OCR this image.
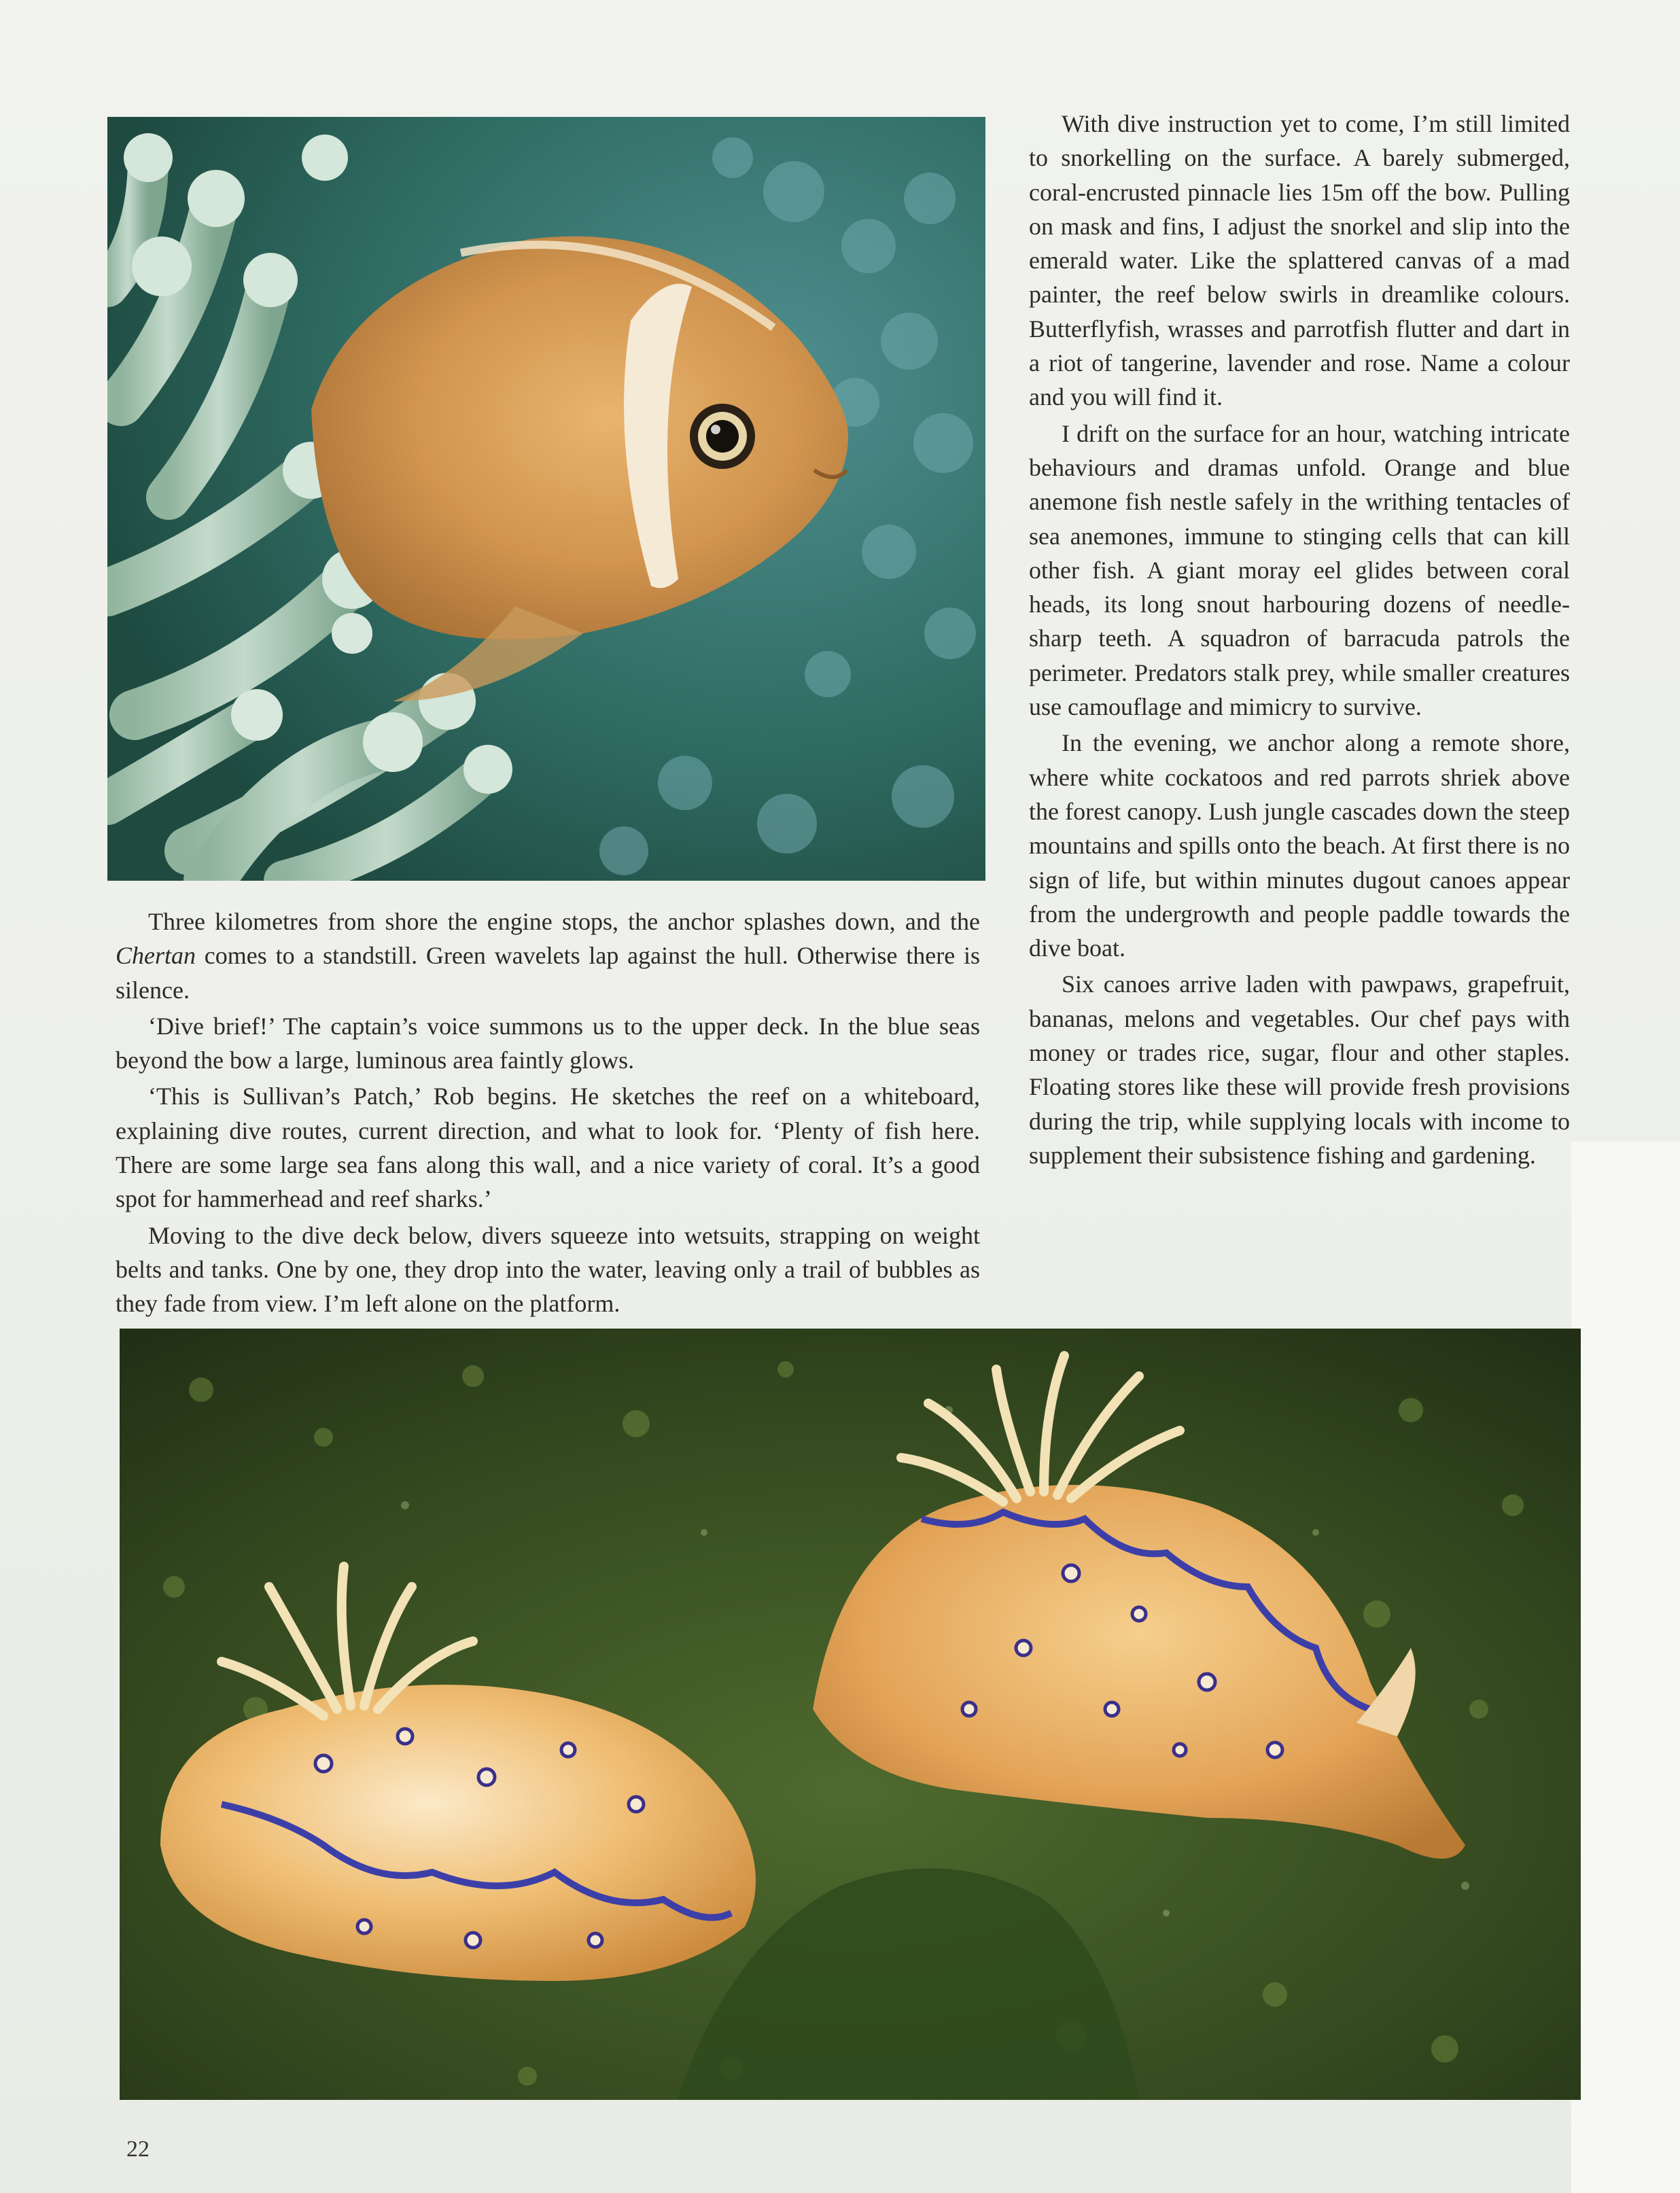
Three kilometres from shore the engine stops, the anchor splashes down, and the Chertan comes to a standstill. Green wavelets lap against the hull. Otherwise there is silence.

‘Dive brief!’ The captain’s voice summons us to the upper deck. In the blue seas beyond the bow a large, luminous area faintly glows.

‘This is Sullivan’s Patch,’ Rob begins. He sketches the reef on a whiteboard, explaining dive routes, current direction, and what to look for. ‘Plenty of fish here. There are some large sea fans along this wall, and a nice variety of coral. It’s a good spot for hammerhead and reef sharks.’

Moving to the dive deck below, divers squeeze into wetsuits, strapping on weight belts and tanks. One by one, they drop into the water, leaving only a trail of bubbles as they fade from view. I’m left alone on the platform.

With dive instruction yet to come, I’m still limited to snorkelling on the surface. A barely submerged, coral-encrusted pinnacle lies 15m off the bow. Pulling on mask and fins, I adjust the snorkel and slip into the emerald water. Like the splattered canvas of a mad painter, the reef below swirls in dreamlike colours. Butterflyfish, wrasses and parrotfish flutter and dart in a riot of tangerine, lavender and rose. Name a colour and you will find it.

I drift on the surface for an hour, watching intricate behaviours and dramas unfold. Orange and blue anemone fish nestle safely in the writhing tentacles of sea anemones, immune to stinging cells that can kill other fish. A giant moray eel glides between coral heads, its long snout harbouring dozens of needle-sharp teeth. A squadron of barracuda patrols the perimeter. Predators stalk prey, while smaller creatures use camouflage and mimicry to survive.

In the evening, we anchor along a remote shore, where white cockatoos and red parrots shriek above the forest canopy. Lush jungle cascades down the steep mountains and spills onto the beach. At first there is no sign of life, but within minutes dugout canoes appear from the undergrowth and people paddle towards the dive boat.

Six canoes arrive laden with pawpaws, grapefruit, bananas, melons and vegetables. Our chef pays with money or trades rice, sugar, flour and other staples. Floating stores like these will provide fresh provisions during the trip, while supplying locals with income to supplement their subsistence fishing and gardening.

22
